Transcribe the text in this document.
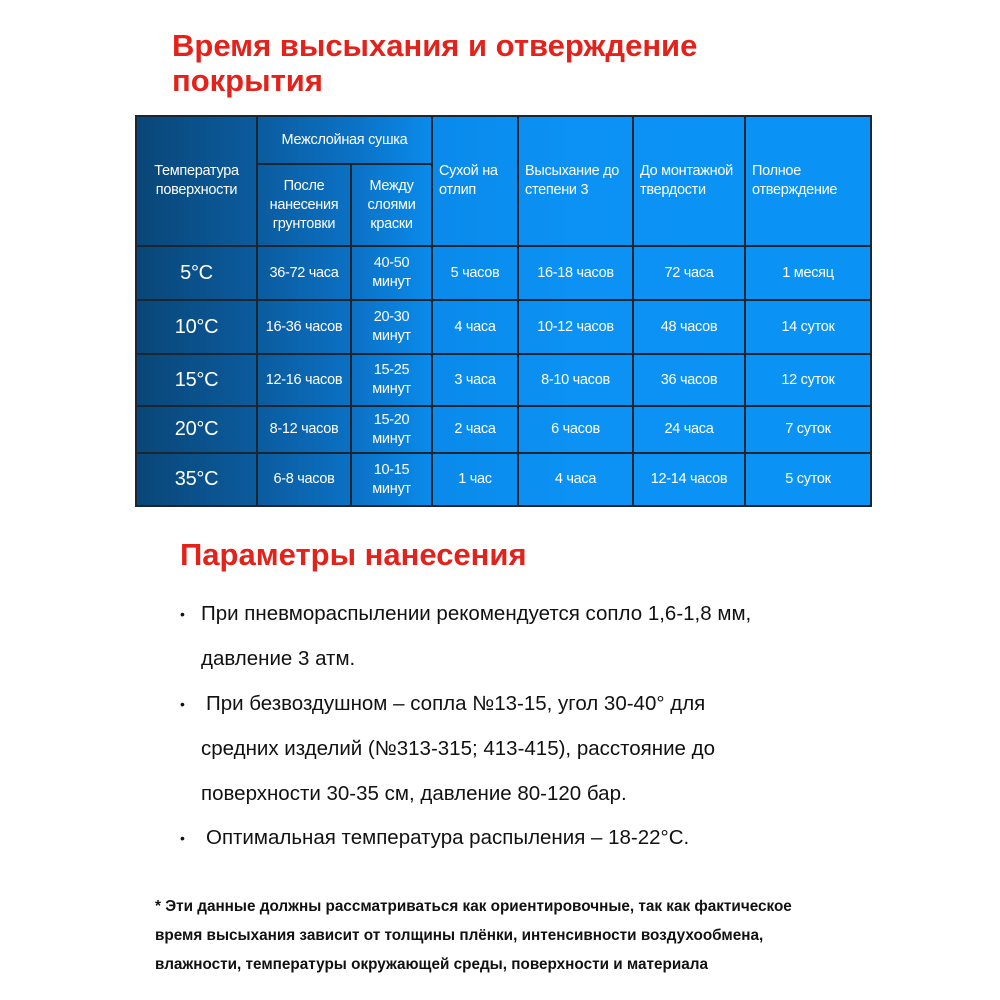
Время высыхания и отверждение
покрытия
Температура поверхности	Межслойная сушка		Сухой на отлип	Высыхание до степени 3	До монтажной твердости	Полное отверждение
	После нанесения грунтовки	Между слоями краски				
5°C	36-72 часа	40-50 минут	5 часов	16-18 часов	72 часа	1 месяц
10°C	16-36 часов	20-30 минут	4 часа	10-12 часов	48 часов	14 суток
15°C	12-16 часов	15-25 минут	3 часа	8-10 часов	36 часов	12 суток
20°C	8-12 часов	15-20 минут	2 часа	6 часов	24 часа	7 суток
35°C	6-8 часов	10-15 минут	1 час	4 часа	12-14 часов	5 суток
Параметры нанесения
• При пневмораспылении рекомендуется сопло 1,6-1,8 мм,
давление 3 атм.
• При безвоздушном – сопла №13-15, угол 30-40° для
средних изделий (№313-315; 413-415), расстояние до
поверхности 30-35 см, давление 80-120 бар.
• Оптимальная температура распыления – 18-22°C.
* Эти данные должны рассматриваться как ориентировочные, так как фактическое
время высыхания зависит от толщины плёнки, интенсивности воздухообмена,
влажности, температуры окружающей среды, поверхности и материала
